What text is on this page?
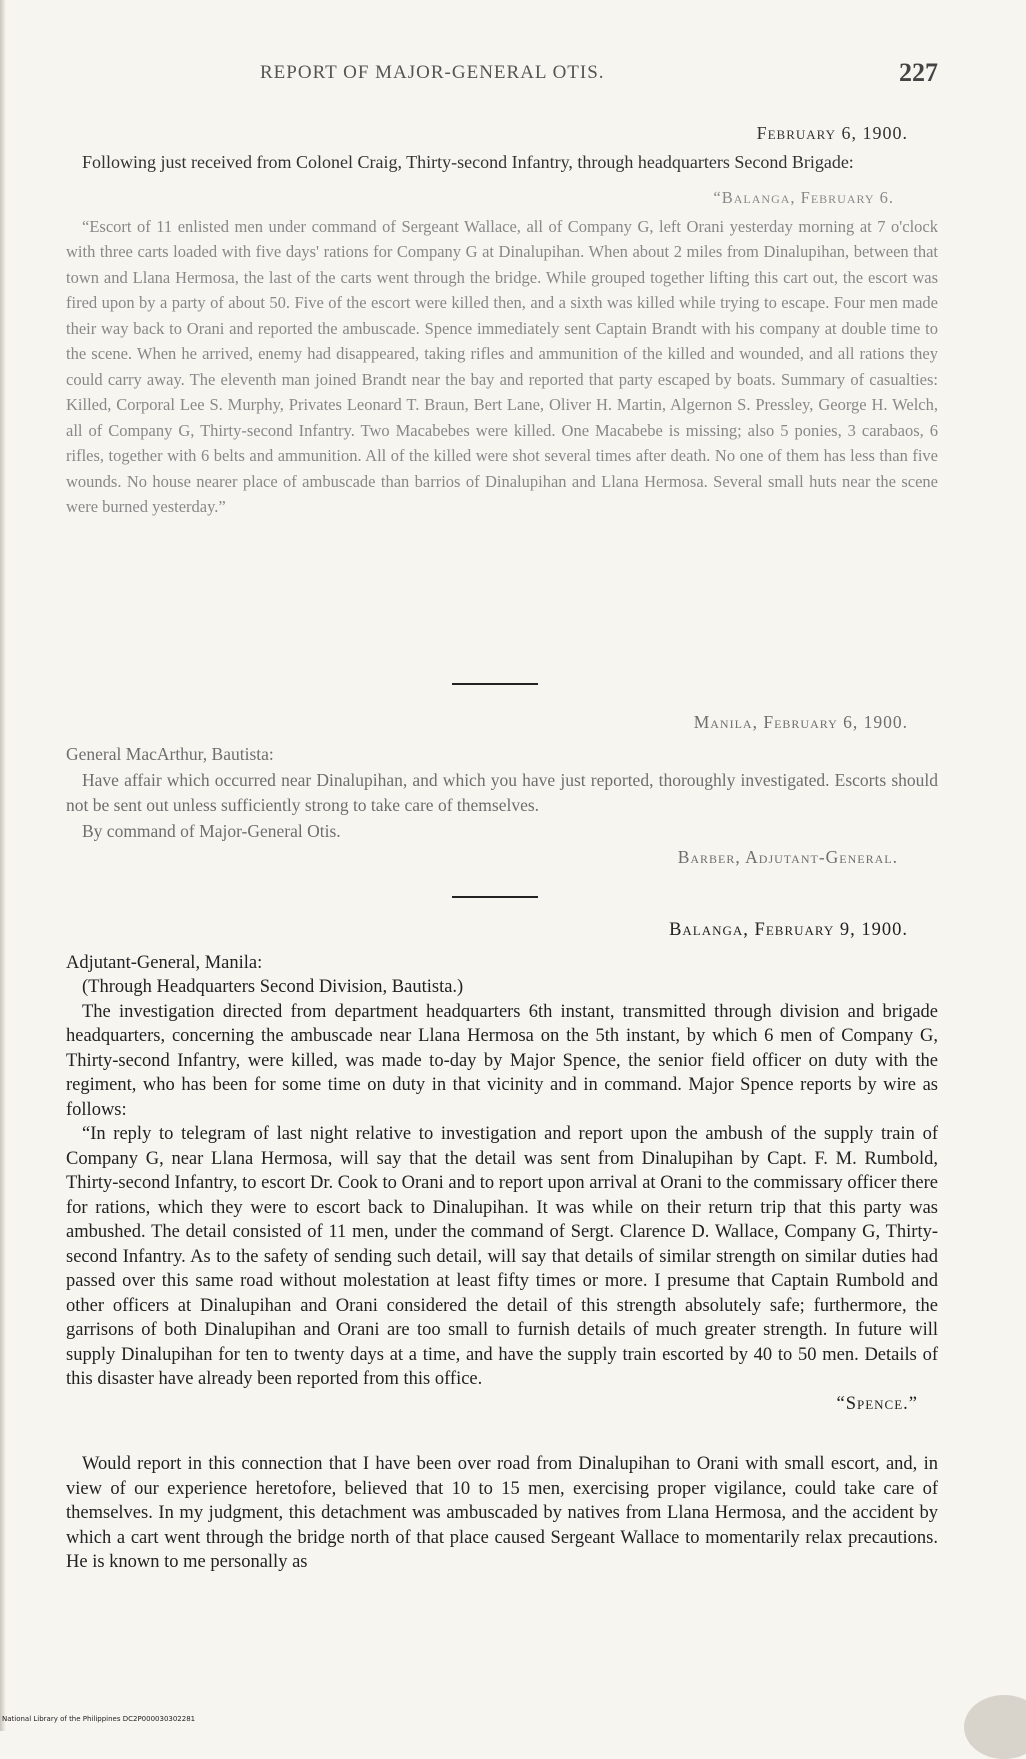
REPORT OF MAJOR-GENERAL OTIS.	227

February 6, 1900.

Following just received from Colonel Craig, Thirty-second Infantry, through headquarters Second Brigade:

“Balanga, February 6.

“Escort of 11 enlisted men under command of Sergeant Wallace, all of Company G, left Orani yesterday morning at 7 o'clock with three carts loaded with five days' rations for Company G at Dinalupihan. When about 2 miles from Dinalupihan, between that town and Llana Hermosa, the last of the carts went through the bridge. While grouped together lifting this cart out, the escort was fired upon by a party of about 50. Five of the escort were killed then, and a sixth was killed while trying to escape. Four men made their way back to Orani and reported the ambuscade. Spence immediately sent Captain Brandt with his company at double time to the scene. When he arrived, enemy had disappeared, taking rifles and ammunition of the killed and wounded, and all rations they could carry away. The eleventh man joined Brandt near the bay and reported that party escaped by boats. Summary of casualties: Killed, Corporal Lee S. Murphy, Privates Leonard T. Braun, Bert Lane, Oliver H. Martin, Algernon S. Pressley, George H. Welch, all of Company G, Thirty-second Infantry. Two Macabebes were killed. One Macabebe is missing; also 5 ponies, 3 carabaos, 6 rifles, together with 6 belts and ammunition. All of the killed were shot several times after death. No one of them has less than five wounds. No house nearer place of ambuscade than barrios of Dinalupihan and Llana Hermosa. Several small huts near the scene were burned yesterday.”

Manila, February 6, 1900.

General MacArthur, Bautista:

Have affair which occurred near Dinalupihan, and which you have just reported, thoroughly investigated. Escorts should not be sent out unless sufficiently strong to take care of themselves.

By command of Major-General Otis.

Barber, Adjutant-General.

Balanga, February 9, 1900.

Adjutant-General, Manila:

(Through Headquarters Second Division, Bautista.)

The investigation directed from department headquarters 6th instant, transmitted through division and brigade headquarters, concerning the ambuscade near Llana Hermosa on the 5th instant, by which 6 men of Company G, Thirty-second Infantry, were killed, was made to-day by Major Spence, the senior field officer on duty with the regiment, who has been for some time on duty in that vicinity and in command. Major Spence reports by wire as follows:

“In reply to telegram of last night relative to investigation and report upon the ambush of the supply train of Company G, near Llana Hermosa, will say that the detail was sent from Dinalupihan by Capt. F. M. Rumbold, Thirty-second Infantry, to escort Dr. Cook to Orani and to report upon arrival at Orani to the commissary officer there for rations, which they were to escort back to Dinalupihan. It was while on their return trip that this party was ambushed. The detail consisted of 11 men, under the command of Sergt. Clarence D. Wallace, Company G, Thirty-second Infantry. As to the safety of sending such detail, will say that details of similar strength on similar duties had passed over this same road without molestation at least fifty times or more. I presume that Captain Rumbold and other officers at Dinalupihan and Orani considered the detail of this strength absolutely safe; furthermore, the garrisons of both Dinalupihan and Orani are too small to furnish details of much greater strength. In future will supply Dinalupihan for ten to twenty days at a time, and have the supply train escorted by 40 to 50 men. Details of this disaster have already been reported from this office.

“Spence.”

Would report in this connection that I have been over road from Dinalupihan to Orani with small escort, and, in view of our experience heretofore, believed that 10 to 15 men, exercising proper vigilance, could take care of themselves. In my judgment, this detachment was ambuscaded by natives from Llana Hermosa, and the accident by which a cart went through the bridge north of that place caused Sergeant Wallace to momentarily relax precautions. He is known to me personally as

National Library of the Philippines DC2P000030302281
